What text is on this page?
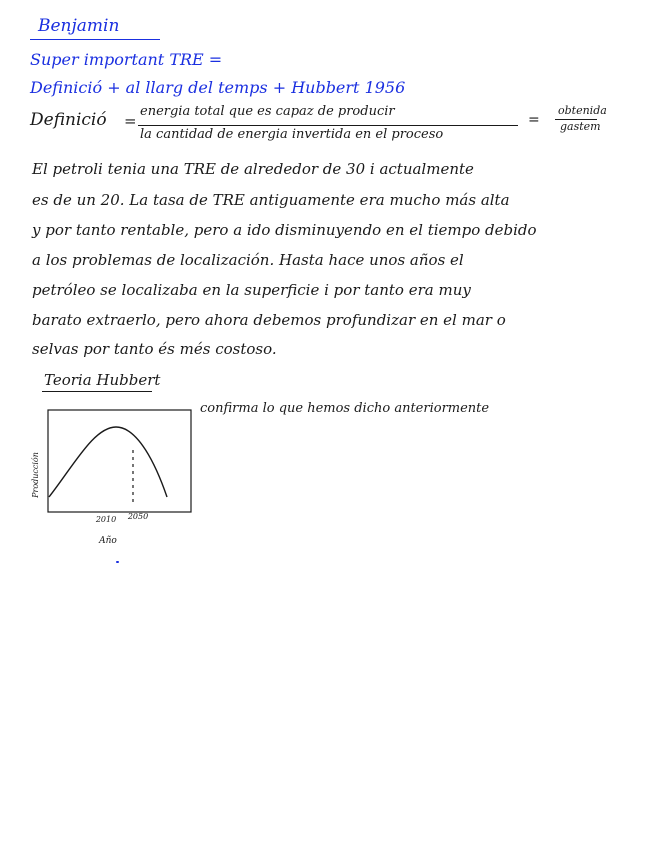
Benjamin
Super important TRE =
Definició + al llarg del temps + Hubbert 1956
Definició =
energia total que es capaz de producir
la cantidad de energia invertida en el proceso
=
obtenida
gastem
El petroli tenia una TRE de alrededor de 30 i actualmente
es de un 20. La tasa de TRE antiguamente era mucho más alta
y por tanto rentable, pero a ido disminuyendo en el tiempo debido
a los problemas de localización. Hasta hace unos años el
petróleo se localizaba en la superficie i por tanto era muy
barato extraerlo, pero ahora debemos profundizar en el mar o
selvas por tanto és més costoso.
Teoria Hubbert
confirma lo que hemos dicho anteriormente
Producción
2010 2050
Año
